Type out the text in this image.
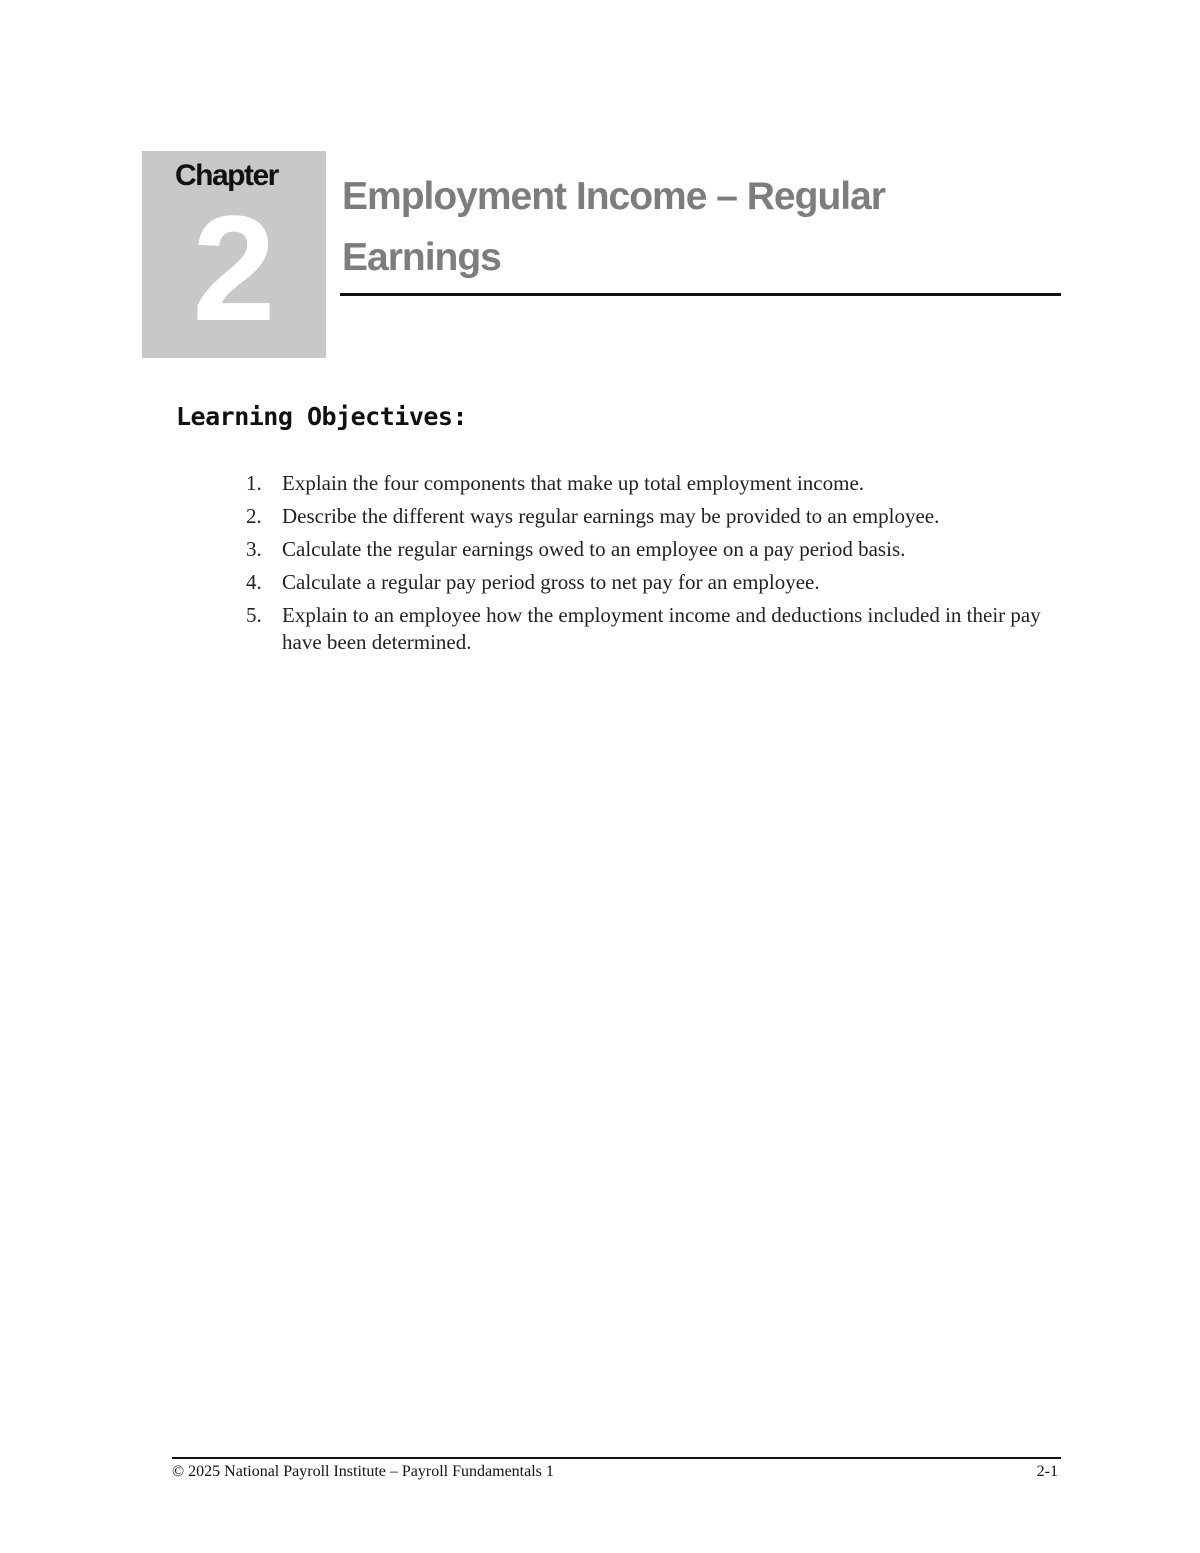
Chapter
2	Employment Income – Regular Earnings
Learning Objectives:
1. Explain the four components that make up total employment income.
2. Describe the different ways regular earnings may be provided to an employee.
3. Calculate the regular earnings owed to an employee on a pay period basis.
4. Calculate a regular pay period gross to net pay for an employee.
5. Explain to an employee how the employment income and deductions included in their pay have been determined.
© 2025 National Payroll Institute – Payroll Fundamentals 1	2-1
